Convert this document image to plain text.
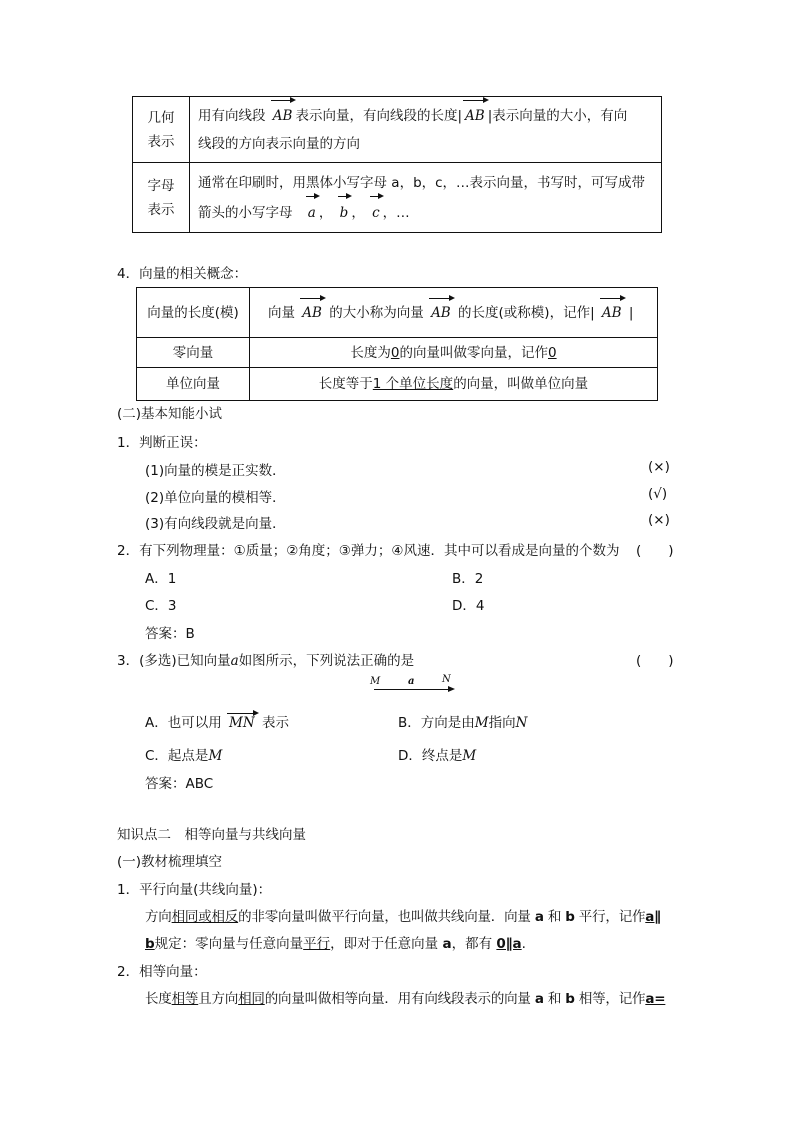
几何表示	用有向线段 AB 表示向量，有向线段的长度| AB |表示向量的大小，有向
线段的方向表示向量的方向
字母表示	通常在印刷时，用黑体小写字母 a，b，c，…表示向量，书写时，可写成带
箭头的小写字母 a ， b ， c ，…
4．向量的相关概念：
向量的长度(模)	向量 AB 的大小称为向量 AB 的长度(或称模)，记作| AB |
零向量	长度为0的向量叫做零向量，记作0
单位向量	长度等于1 个单位长度的向量，叫做单位向量
(二)基本知能小试
1．判断正误：
(1)向量的模是正实数．	(×)
(2)单位向量的模相等．	(√)
(3)有向线段就是向量．	(×)
2．有下列物理量：①质量；②角度；③弹力；④风速．其中可以看成是向量的个数为 (　　)
A．1	B．2
C．3	D．4
答案：B
3．(多选)已知向量a如图所示，下列说法正确的是	(　　)
M	a	N
A．也可以用 MN 表示	B．方向是由M指向N
C．起点是M	D．终点是M
答案：ABC
知识点二　相等向量与共线向量
(一)教材梳理填空
1．平行向量(共线向量)：
方向相同或相反的非零向量叫做平行向量，也叫做共线向量．向量 a 和 b 平行，记作a∥
b规定：零向量与任意向量平行，即对于任意向量 a，都有 0∥a.
2．相等向量：
长度相等且方向相同的向量叫做相等向量．用有向线段表示的向量 a 和 b 相等，记作a=
